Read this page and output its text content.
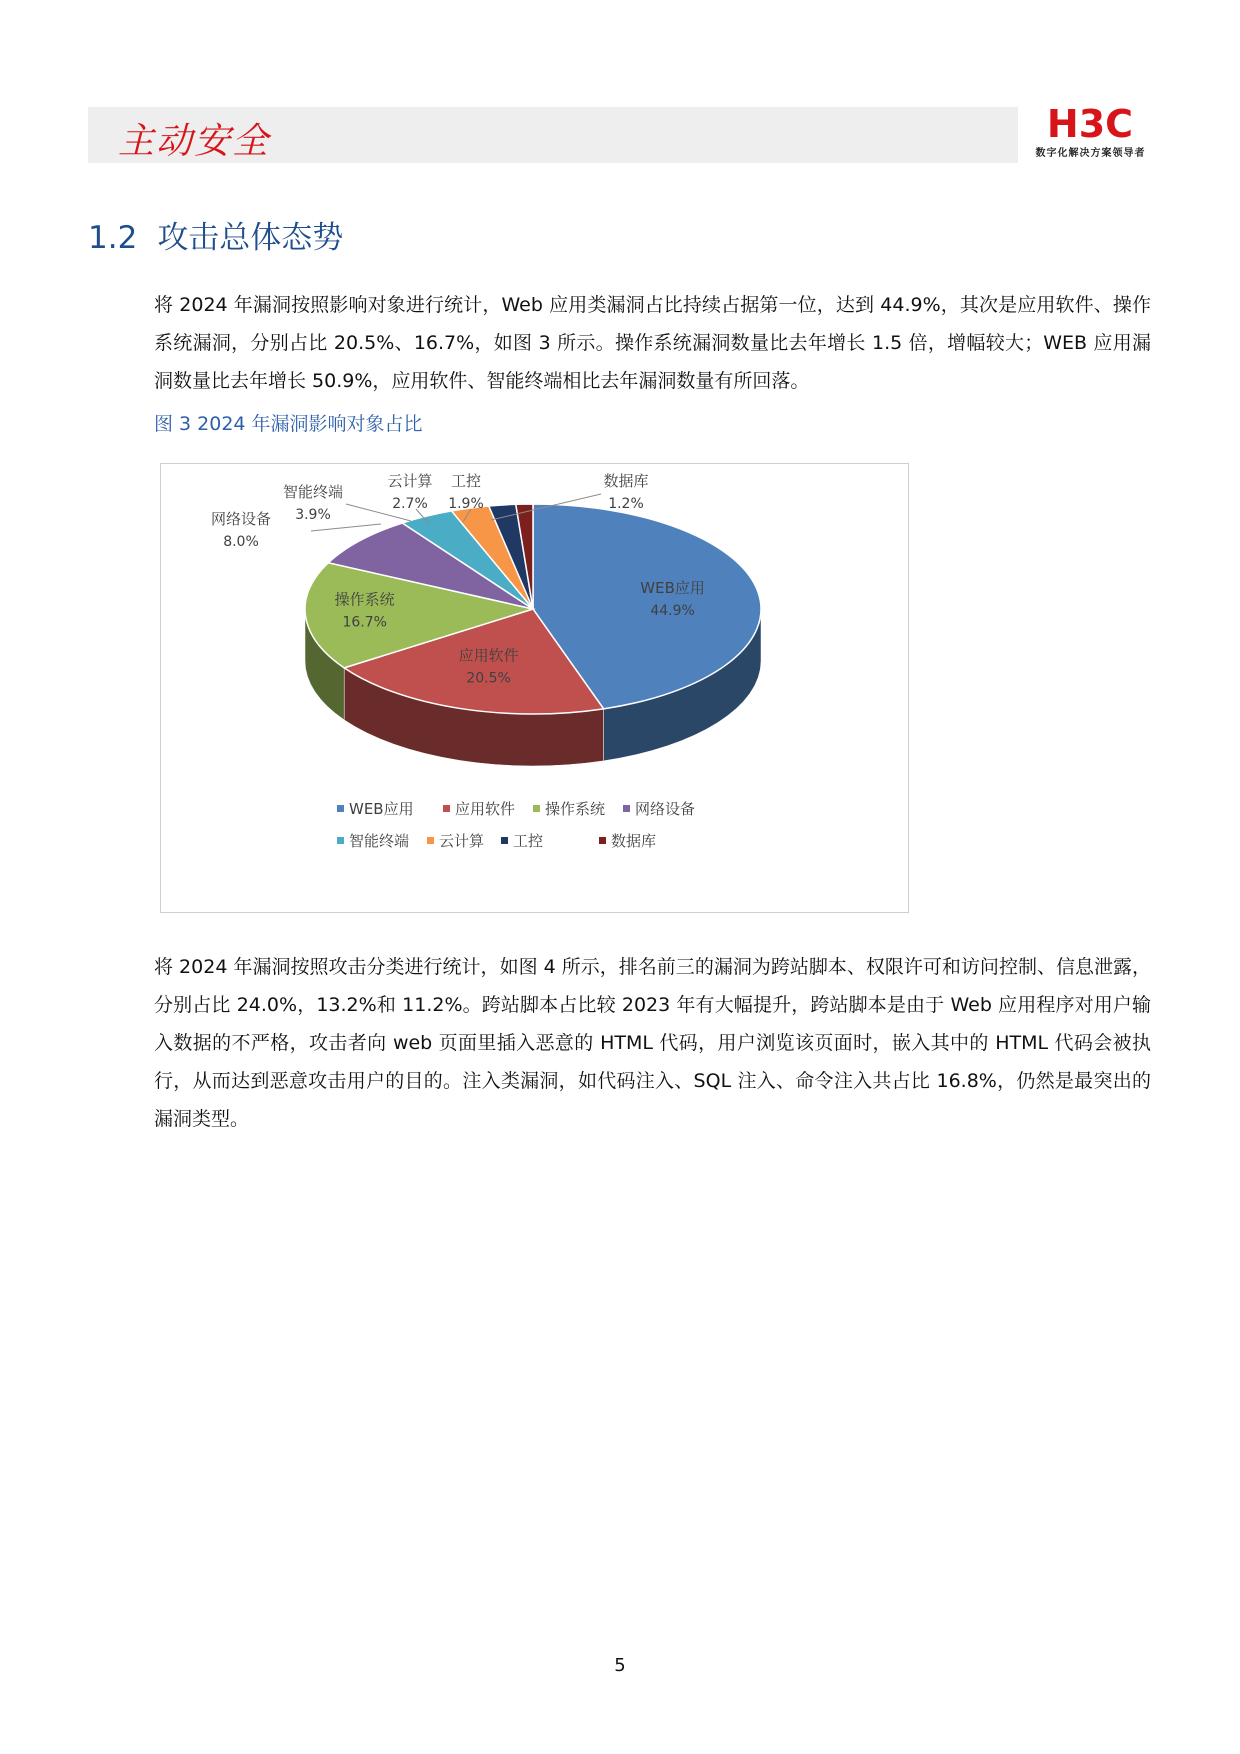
主动安全	H3C
数字化解决方案领导者
1.2 攻击总体态势

将 2024 年漏洞按照影响对象进行统计，Web 应用类漏洞占比持续占据第一位，达到 44.9%，其次是应用软件、操作系统漏洞，分别占比 20.5%、16.7%，如图 3 所示。操作系统漏洞数量比去年增长 1.5 倍，增幅较大；WEB 应用漏洞数量比去年增长 50.9%，应用软件、智能终端相比去年漏洞数量有所回落。

图 3 2024 年漏洞影响对象占比
WEB应用
44.9%
应用软件
20.5%
操作系统
16.7%
网络设备
8.0%
智能终端
3.9%
云计算
2.7%
工控
1.9%
数据库
1.2%
WEB应用	应用软件 操作系统 网络设备
智能终端 云计算 工控	数据库

将 2024 年漏洞按照攻击分类进行统计，如图 4 所示，排名前三的漏洞为跨站脚本、权限许可和访问控制、信息泄露，分别占比 24.0%，13.2%和 11.2%。跨站脚本占比较 2023 年有大幅提升，跨站脚本是由于 Web 应用程序对用户输入数据的不严格，攻击者向 web 页面里插入恶意的 HTML 代码，用户浏览该页面时，嵌入其中的 HTML 代码会被执行，从而达到恶意攻击用户的目的。注入类漏洞，如代码注入、SQL 注入、命令注入共占比 16.8%，仍然是最突出的漏洞类型。

5
